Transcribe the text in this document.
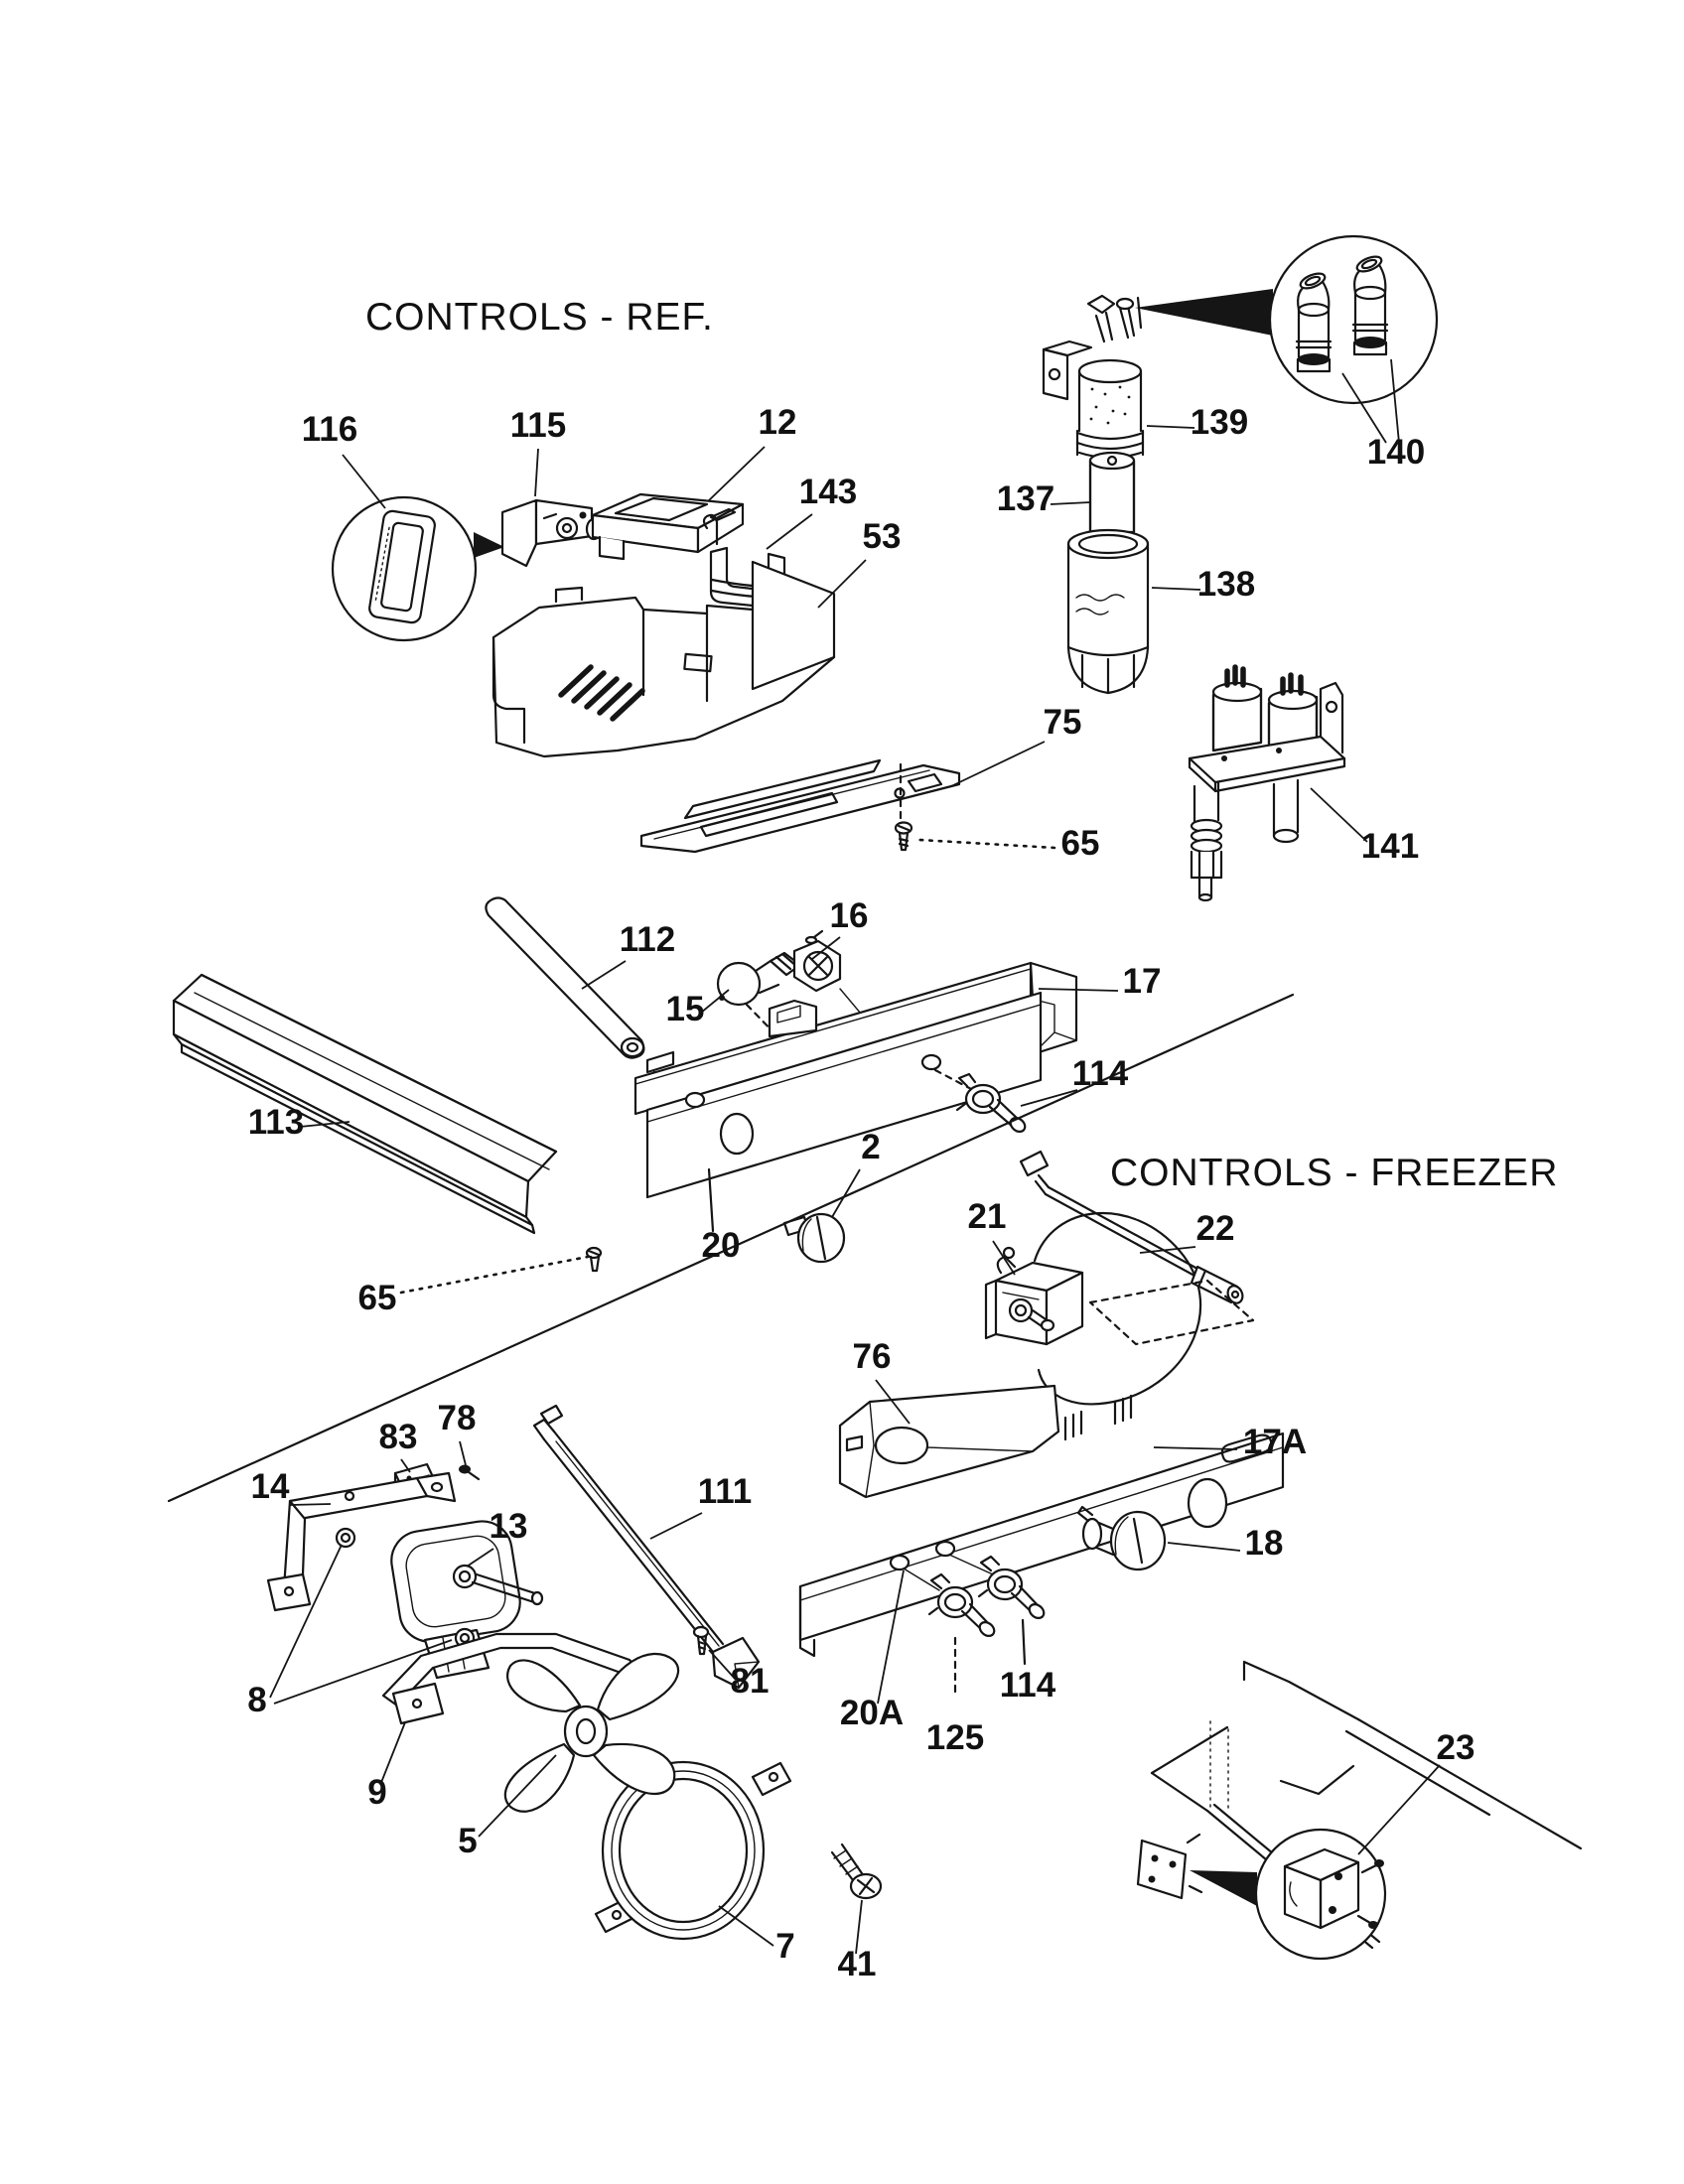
CONTROLS - REF.
CONTROLS - FREEZER
116	115	12
143
53
139
140
137
138
75
65	141
112
16
15
17
113
114
2
20
65
21	22
76
17A
83 78
14
13
111
18
8	81
9
20A
125
114
5
7 41
23
